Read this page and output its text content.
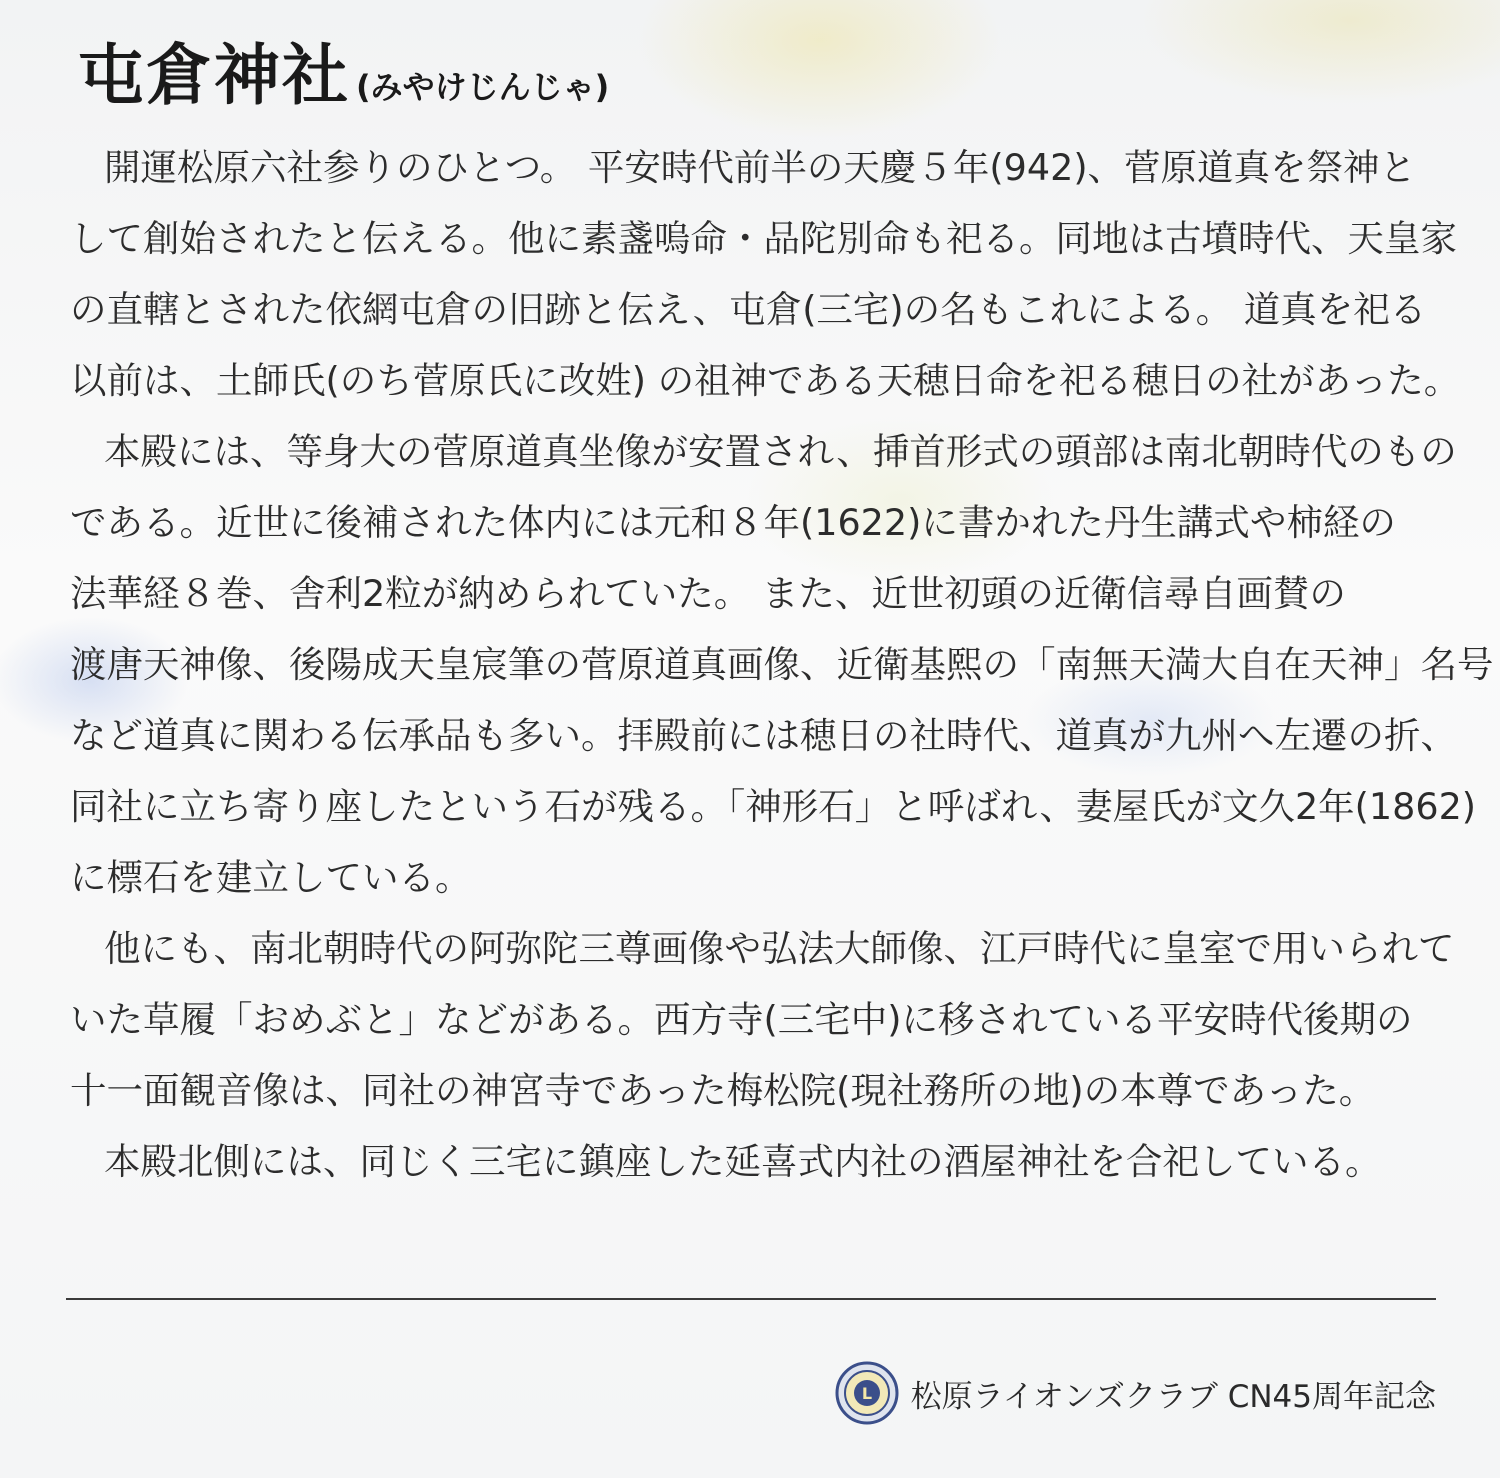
屯倉神社 (みやけじんじゃ)
開運松原六社参りのひとつ。 平安時代前半の天慶５年(942)、菅原道真を祭神と
して創始されたと伝える。他に素盞嗚命・品陀別命も祀る。同地は古墳時代、天皇家
の直轄とされた依網屯倉の旧跡と伝え、屯倉(三宅)の名もこれによる。 道真を祀る
以前は、土師氏(のち菅原氏に改姓) の祖神である天穂日命を祀る穂日の社があった。
本殿には、等身大の菅原道真坐像が安置され、挿首形式の頭部は南北朝時代のもの
である。近世に後補された体内には元和８年(1622)に書かれた丹生講式や柿経の
法華経８巻、舎利2粒が納められていた。 また、近世初頭の近衛信尋自画賛の
渡唐天神像、後陽成天皇宸筆の菅原道真画像、近衛基熙の「南無天満大自在天神」名号
など道真に関わる伝承品も多い。拝殿前には穂日の社時代、道真が九州へ左遷の折、
同社に立ち寄り座したという石が残る。「神形石」と呼ばれ、妻屋氏が文久2年(1862)
に標石を建立している。
他にも、南北朝時代の阿弥陀三尊画像や弘法大師像、江戸時代に皇室で用いられて
いた草履「おめぶと」などがある。西方寺(三宅中)に移されている平安時代後期の
十一面観音像は、同社の神宮寺であった梅松院(現社務所の地)の本尊であった。
本殿北側には、同じく三宅に鎮座した延喜式内社の酒屋神社を合祀している。
L 松原ライオンズクラブ CN45周年記念
